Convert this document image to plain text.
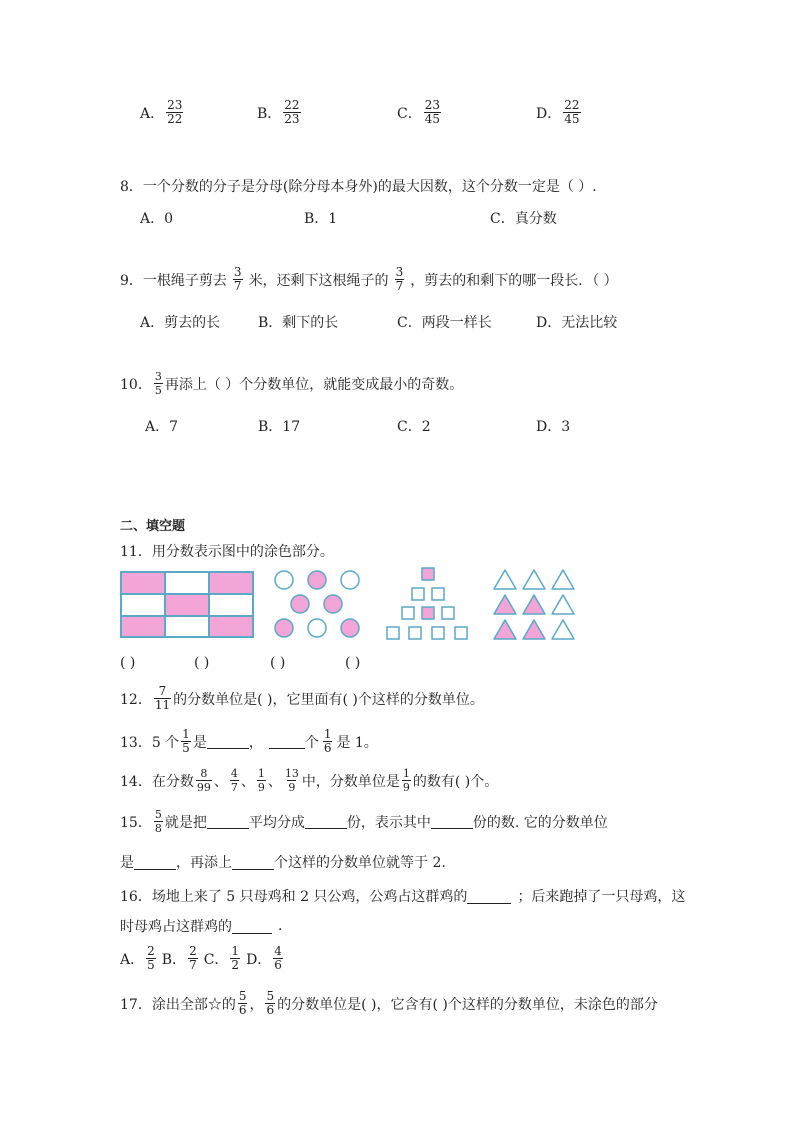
A． $\frac{23}{22}$	B． $\frac{22}{23}$	C． $\frac{23}{45}$	D． $\frac{22}{45}$
8．一个分数的分子是分母(除分母本身外)的最大因数，这个分数一定是（ ）.
A．0	B．1	C．真分数
9．一根绳子剪去 $\frac{3}{7}$ 米，还剩下这根绳子的 $\frac{3}{7}$ ，剪去的和剩下的哪一段长．（ ）
A．剪去的长	B．剩下的长	C．两段一样长	D．无法比较
10． $\frac{3}{5}$ 再添上（ ）个分数单位，就能变成最小的奇数。
A．7	B．17	C．2	D．3
二、填空题
11．用分数表示图中的涂色部分。
( )	( )	( )	( )
12． $\frac{7}{11}$ 的分数单位是( )，它里面有( )个这样的分数单位。
13．5 个 $\frac{1}{5}$ 是	，	个 $\frac{1}{6}$ 是 1。
14．在分数 $\frac{8}{99}$ 、 $\frac{4}{7}$ 、 $\frac{1}{9}$ 、 $\frac{13}{9}$ 中，分数单位是 $\frac{1}{9}$ 的数有( )个。
15． $\frac{5}{8}$ 就是把	平均分成	份，表示其中	份的数. 它的分数单位
是	，再添上	个这样的分数单位就等于 2.
16．场地上来了 5 只母鸡和 2 只公鸡，公鸡占这群鸡的	；后来跑掉了一只母鸡，这
时母鸡占这群鸡的	.
A． $\frac{2}{5}$ B． $\frac{2}{7}$ C． $\frac{1}{2}$ D． $\frac{4}{6}$
17．涂出全部☆的 $\frac{5}{6}$ ， $\frac{5}{6}$ 的分数单位是( )，它含有( )个这样的分数单位，未涂色的部分
